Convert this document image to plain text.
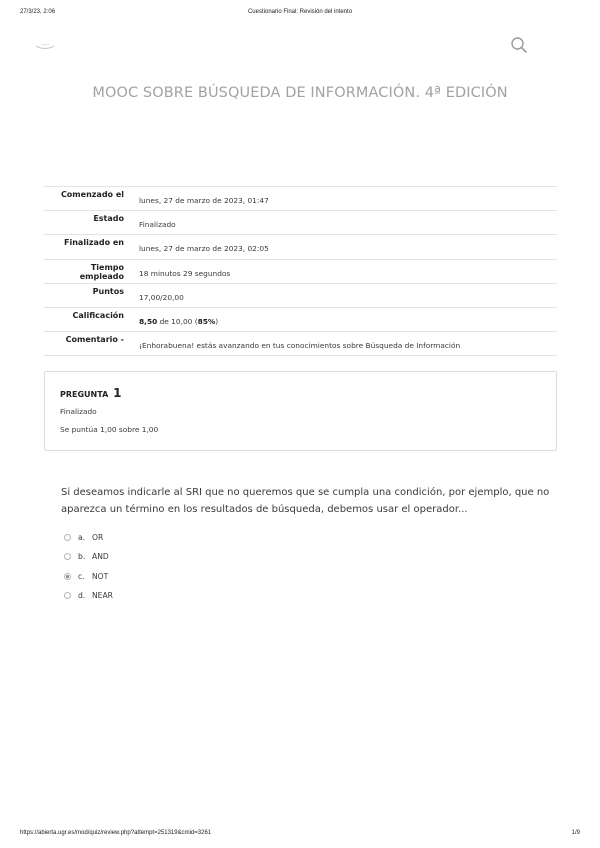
27/3/23, 2:06	Cuestionario Final: Revisión del intento
MOOC SOBRE BÚSQUEDA DE INFORMACIÓN. 4ª EDICIÓN
Comenzado el	lunes, 27 de marzo de 2023, 01:47
Estado	Finalizado
Finalizado en	lunes, 27 de marzo de 2023, 02:05
Tiempo empleado	18 minutos 29 segundos
Puntos	17,00/20,00
Calificación	8,50 de 10,00 (85%)
Comentario -	¡Enhorabuena! estás avanzando en tus conocimientos sobre Búsqueda de Información
PREGUNTA 1
Finalizado
Se puntúa 1,00 sobre 1,00
Si deseamos indicarle al SRI que no queremos que se cumpla una condición, por ejemplo, que no aparezca un término en los resultados de búsqueda, debemos usar el operador...
a. OR
b. AND
c. NOT
d. NEAR
https://abierta.ugr.es/mod/quiz/review.php?attempt=251319&cmid=3261	1/9
